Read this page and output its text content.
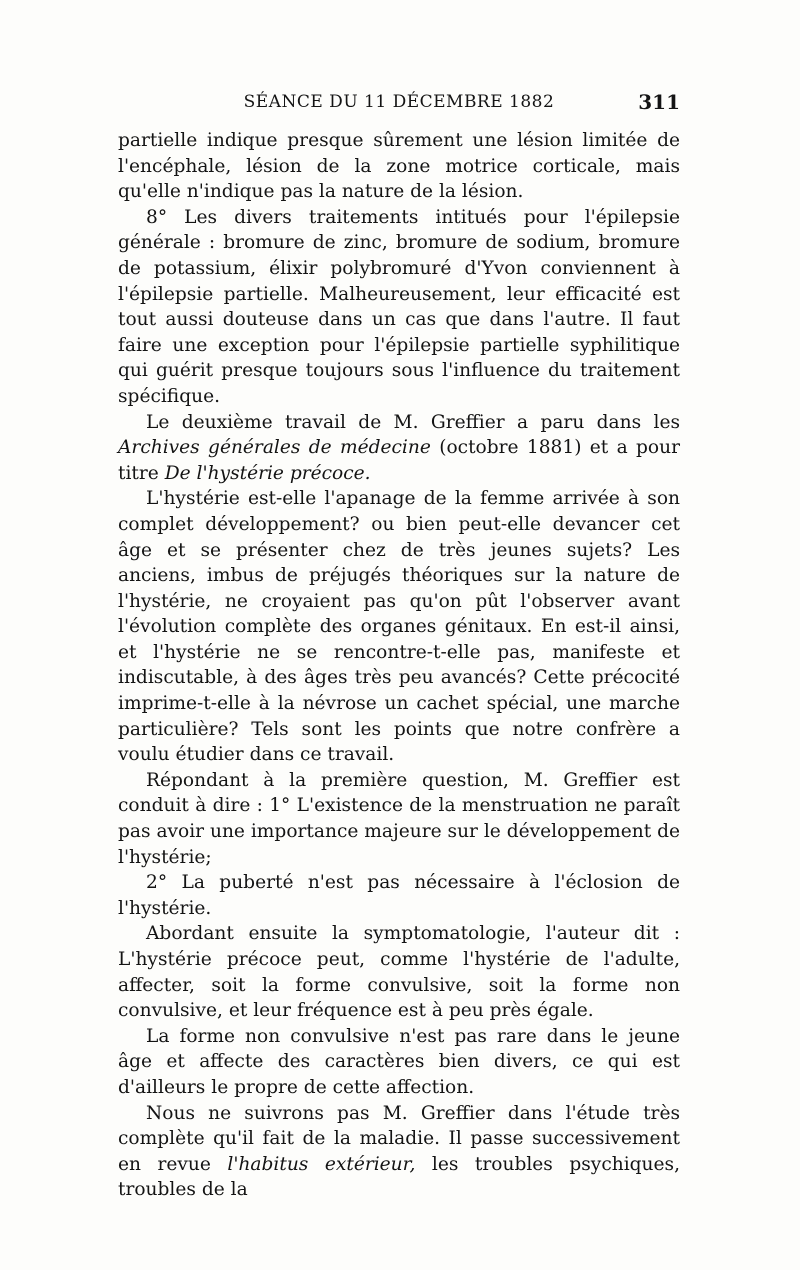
SÉANCE DU 11 DÉCEMBRE 1882	311

partielle indique presque sûrement une lésion limitée de l'encéphale, lésion de la zone motrice corticale, mais qu'elle n'indique pas la nature de la lésion.

8° Les divers traitements intitués pour l'épilepsie générale : bromure de zinc, bromure de sodium, bromure de potassium, élixir polybromuré d'Yvon conviennent à l'épilepsie partielle. Malheureusement, leur efficacité est tout aussi douteuse dans un cas que dans l'autre. Il faut faire une exception pour l'épilepsie partielle syphilitique qui guérit presque toujours sous l'influence du traitement spécifique.

Le deuxième travail de M. Greffier a paru dans les Archives générales de médecine (octobre 1881) et a pour titre De l'hystérie précoce.

L'hystérie est-elle l'apanage de la femme arrivée à son complet développement? ou bien peut-elle devancer cet âge et se présenter chez de très jeunes sujets? Les anciens, imbus de préjugés théoriques sur la nature de l'hystérie, ne croyaient pas qu'on pût l'observer avant l'évolution complète des organes génitaux. En est-il ainsi, et l'hystérie ne se rencontre-t-elle pas, manifeste et indiscutable, à des âges très peu avancés? Cette précocité imprime-t-elle à la névrose un cachet spécial, une marche particulière? Tels sont les points que notre confrère a voulu étudier dans ce travail.

Répondant à la première question, M. Greffier est conduit à dire : 1° L'existence de la menstruation ne paraît pas avoir une importance majeure sur le développement de l'hystérie;

2° La puberté n'est pas nécessaire à l'éclosion de l'hystérie.

Abordant ensuite la symptomatologie, l'auteur dit : L'hystérie précoce peut, comme l'hystérie de l'adulte, affecter, soit la forme convulsive, soit la forme non convulsive, et leur fréquence est à peu près égale.

La forme non convulsive n'est pas rare dans le jeune âge et affecte des caractères bien divers, ce qui est d'ailleurs le propre de cette affection.

Nous ne suivrons pas M. Greffier dans l'étude très complète qu'il fait de la maladie. Il passe successivement en revue l'habitus extérieur, les troubles psychiques, troubles de la
